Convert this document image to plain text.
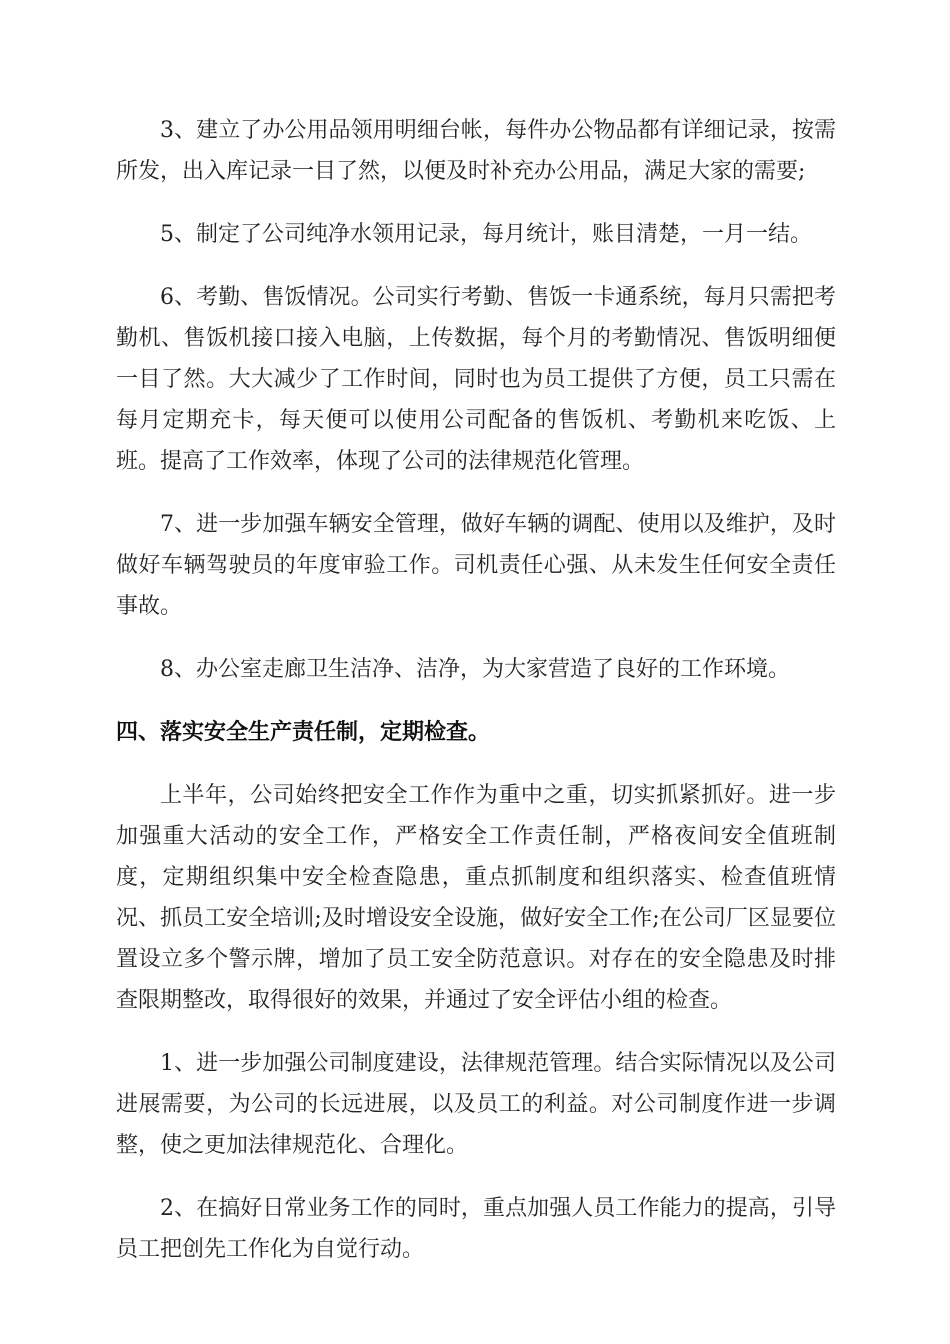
3、建立了办公用品领用明细台帐，每件办公物品都有详细记录，按需所发，出入库记录一目了然，以便及时补充办公用品，满足大家的需要;

5、制定了公司纯净水领用记录，每月统计，账目清楚，一月一结。

6、考勤、售饭情况。公司实行考勤、售饭一卡通系统，每月只需把考勤机、售饭机接口接入电脑，上传数据，每个月的考勤情况、售饭明细便一目了然。大大减少了工作时间，同时也为员工提供了方便，员工只需在每月定期充卡，每天便可以使用公司配备的售饭机、考勤机来吃饭、上班。提高了工作效率，体现了公司的法律规范化管理。

7、进一步加强车辆安全管理，做好车辆的调配、使用以及维护，及时做好车辆驾驶员的年度审验工作。司机责任心强、从未发生任何安全责任事故。

8、办公室走廊卫生洁净、洁净，为大家营造了良好的工作环境。

四、落实安全生产责任制，定期检查。

上半年，公司始终把安全工作作为重中之重，切实抓紧抓好。进一步加强重大活动的安全工作，严格安全工作责任制，严格夜间安全值班制度，定期组织集中安全检查隐患，重点抓制度和组织落实、检查值班情况、抓员工安全培训;及时增设安全设施，做好安全工作;在公司厂区显要位置设立多个警示牌，增加了员工安全防范意识。对存在的安全隐患及时排查限期整改，取得很好的效果，并通过了安全评估小组的检查。

1、进一步加强公司制度建设，法律规范管理。结合实际情况以及公司进展需要，为公司的长远进展，以及员工的利益。对公司制度作进一步调整，使之更加法律规范化、合理化。

2、在搞好日常业务工作的同时，重点加强人员工作能力的提高，引导员工把创先工作化为自觉行动。
